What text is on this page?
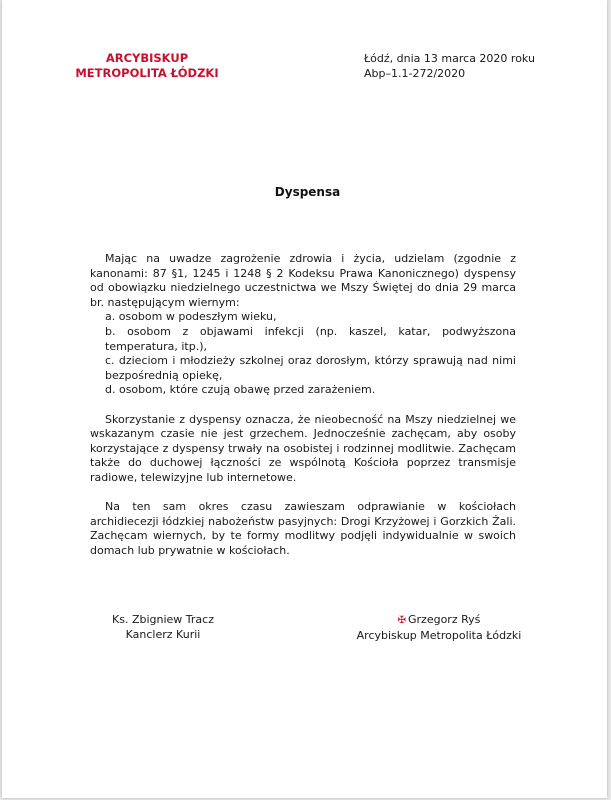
ARCYBISKUP
METROPOLITA ŁÓDZKI
Łódź, dnia 13 marca 2020 roku
Abp–1.1-272/2020
Dyspensa

Mając na uwadze zagrożenie zdrowia i życia, udzielam (zgodnie z kanonami: 87 §1, 1245 i 1248 § 2 Kodeksu Prawa Kanonicznego) dyspensy od obowiązku niedzielnego uczestnictwa we Mszy Świętej do dnia 29 marca br. następującym wiernym:

a. osobom w podeszłym wieku,

b. osobom z objawami infekcji (np. kaszel, katar, podwyższona temperatura, itp.),

c. dzieciom i młodzieży szkolnej oraz dorosłym, którzy sprawują nad nimi bezpośrednią opiekę,

d. osobom, które czują obawę przed zarażeniem.

Skorzystanie z dyspensy oznacza, że nieobecność na Mszy niedzielnej we wskazanym czasie nie jest grzechem. Jednocześnie zachęcam, aby osoby korzystające z dyspensy trwały na osobistej i rodzinnej modlitwie. Zachęcam także do duchowej łączności ze wspólnotą Kościoła poprzez transmisje radiowe, telewizyjne lub internetowe.

Na ten sam okres czasu zawieszam odprawianie w kościołach archidiecezji łódzkiej nabożeństw pasyjnych: Drogi Krzyżowej i Gorzkich Żali. Zachęcam wiernych, by te formy modlitwy podjęli indywidualnie w swoich domach lub prywatnie w kościołach.

Ks. Zbigniew Tracz
Kanclerz Kurii
✠ Grzegorz Ryś
Arcybiskup Metropolita Łódzki
